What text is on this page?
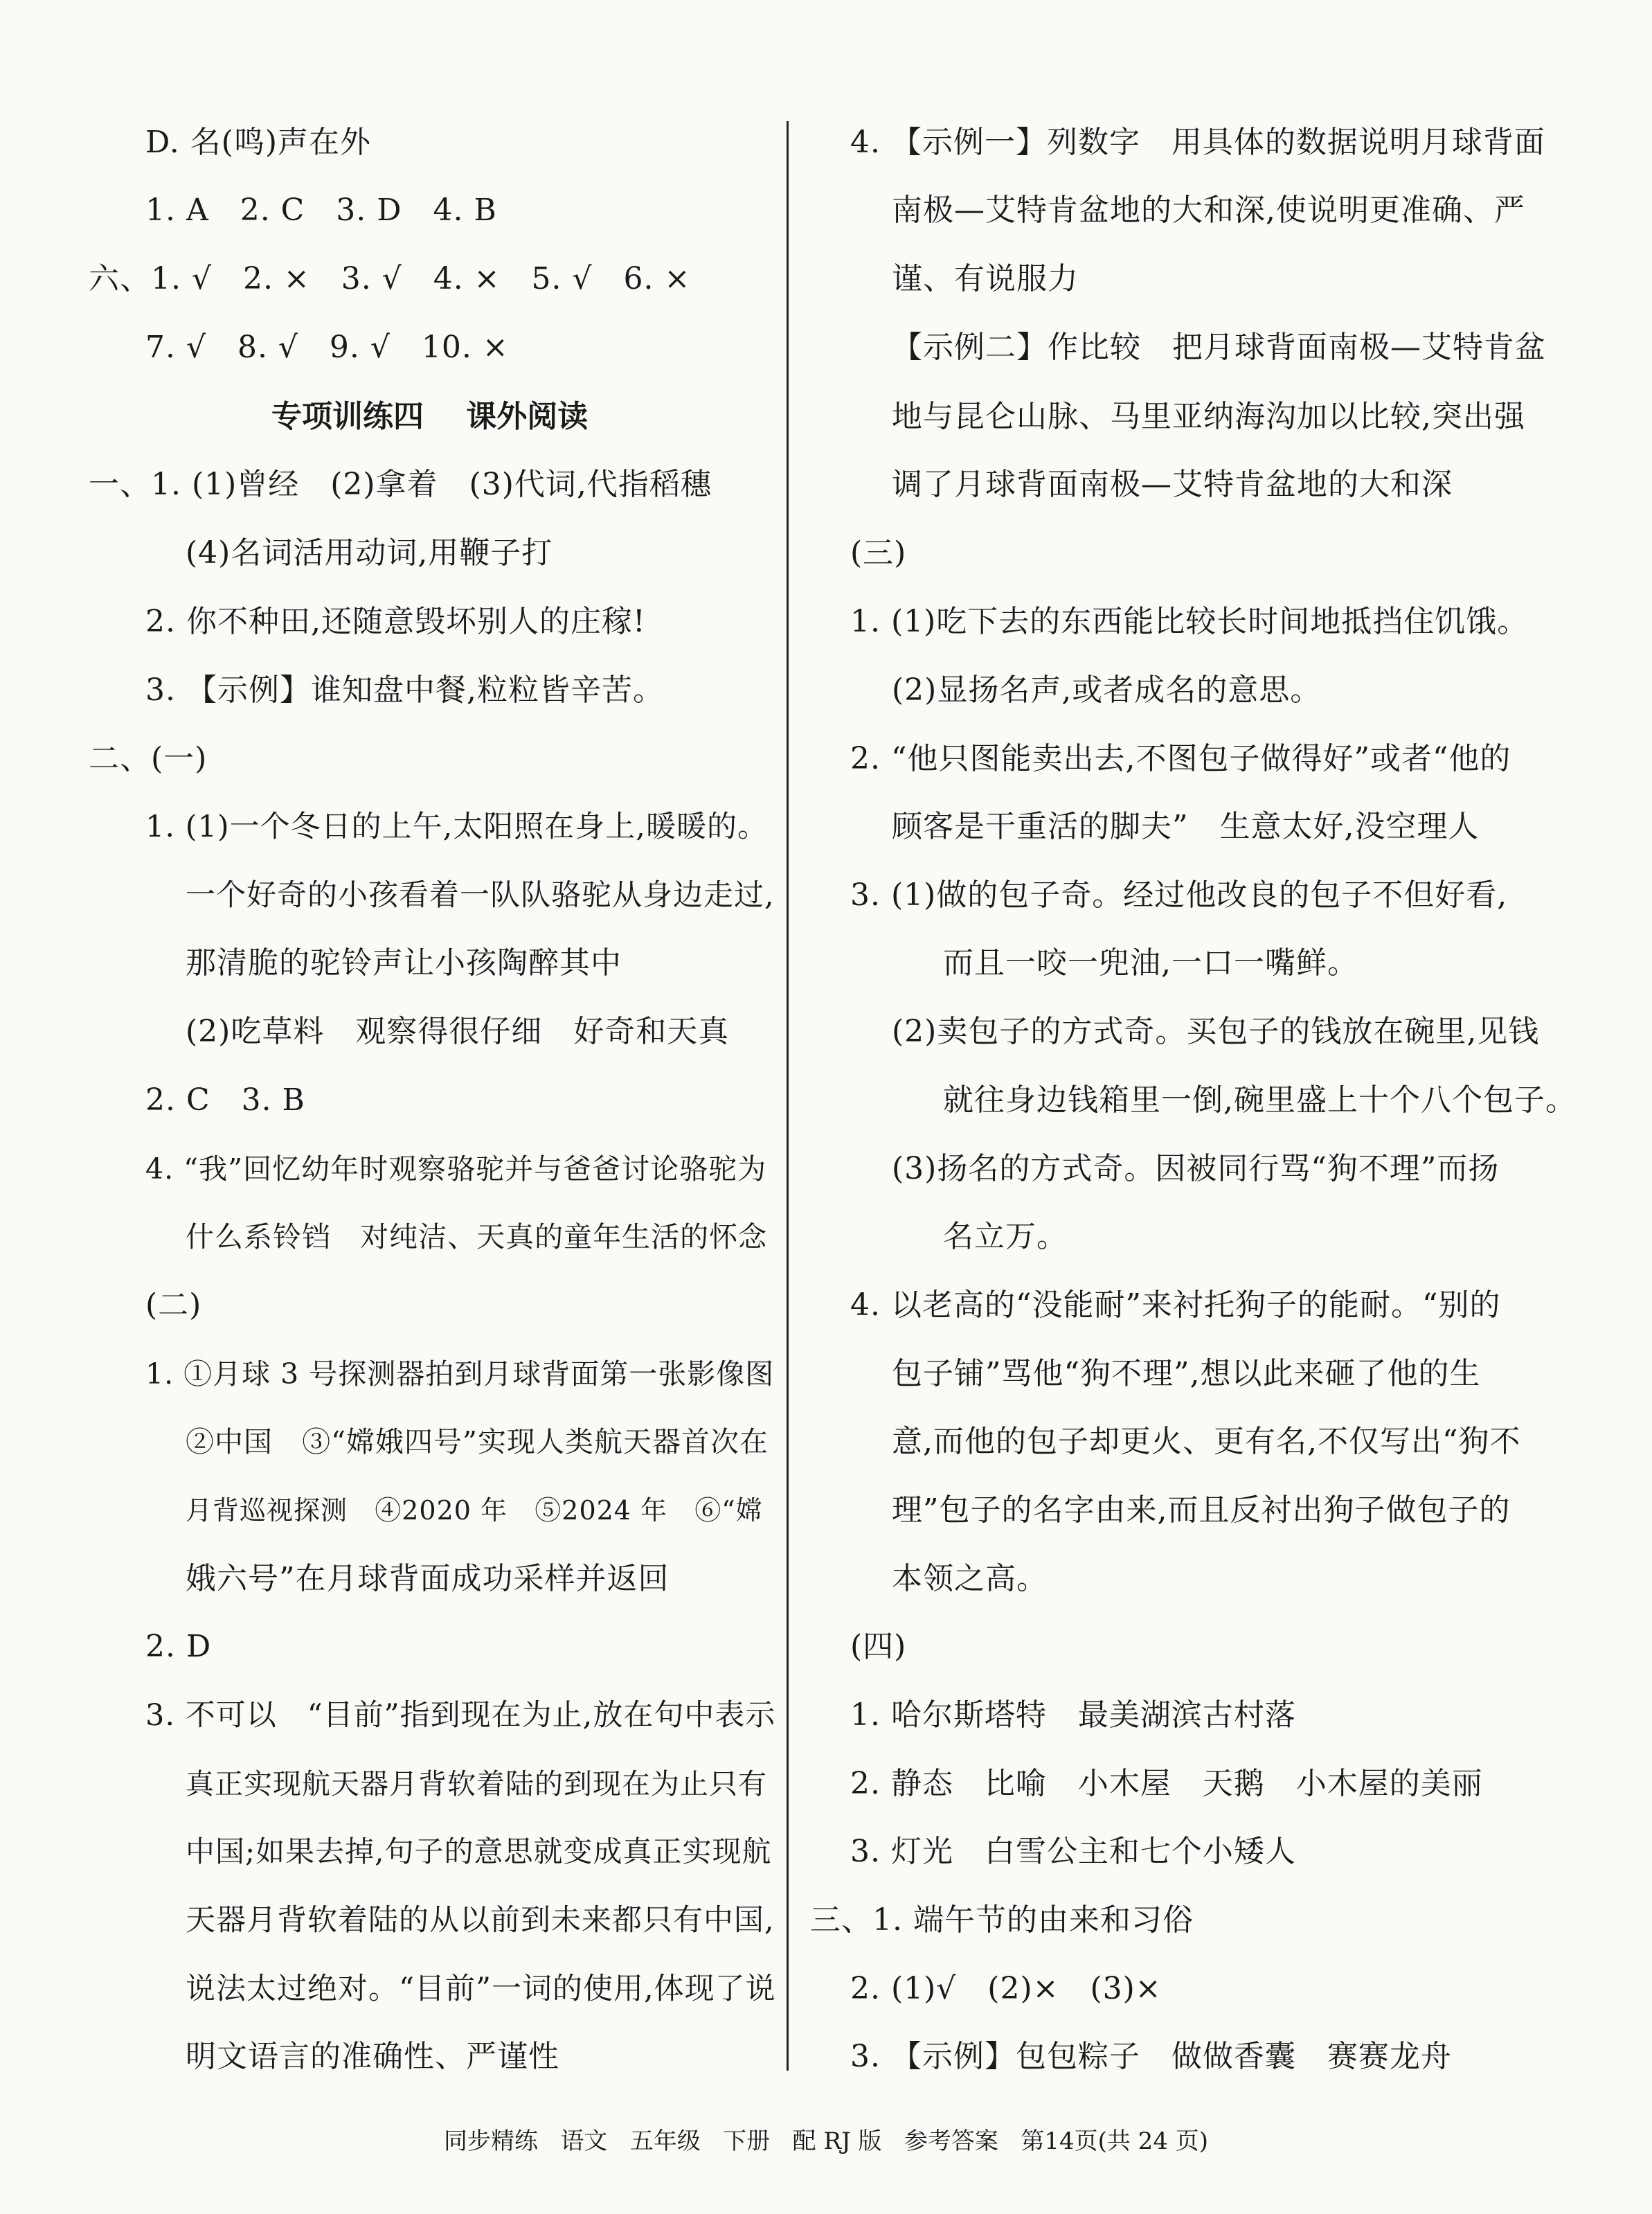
D. 名(鸣)声在外
1. A   2. C   3. D   4. B
六、1. √   2. ×   3. √   4. ×   5. √   6. ×
7. √   8. √   9. √   10. ×
专项训练四    课外阅读
一、1. (1)曾经   (2)拿着   (3)代词,代指稻穗
(4)名词活用动词,用鞭子打
2. 你不种田,还随意毁坏别人的庄稼!
3. 【示例】谁知盘中餐,粒粒皆辛苦。
二、(一)
1. (1)一个冬日的上午,太阳照在身上,暖暖的。
一个好奇的小孩看着一队队骆驼从身边走过,
那清脆的驼铃声让小孩陶醉其中
(2)吃草料   观察得很仔细   好奇和天真
2. C   3. B
4. “我”回忆幼年时观察骆驼并与爸爸讨论骆驼为
什么系铃铛   对纯洁、天真的童年生活的怀念
(二)
1. ①月球 3 号探测器拍到月球背面第一张影像图
②中国   ③“嫦娥四号”实现人类航天器首次在
月背巡视探测   ④2020 年   ⑤2024 年   ⑥“嫦
娥六号”在月球背面成功采样并返回
2. D
3. 不可以   “目前”指到现在为止,放在句中表示
真正实现航天器月背软着陆的到现在为止只有
中国;如果去掉,句子的意思就变成真正实现航
天器月背软着陆的从以前到未来都只有中国,
说法太过绝对。“目前”一词的使用,体现了说
明文语言的准确性、严谨性
4. 【示例一】列数字   用具体的数据说明月球背面
南极—艾特肯盆地的大和深,使说明更准确、严
谨、有说服力
【示例二】作比较   把月球背面南极—艾特肯盆
地与昆仑山脉、马里亚纳海沟加以比较,突出强
调了月球背面南极—艾特肯盆地的大和深
(三)
1. (1)吃下去的东西能比较长时间地抵挡住饥饿。
(2)显扬名声,或者成名的意思。
2. “他只图能卖出去,不图包子做得好”或者“他的
顾客是干重活的脚夫”   生意太好,没空理人
3. (1)做的包子奇。经过他改良的包子不但好看,
而且一咬一兜油,一口一嘴鲜。
(2)卖包子的方式奇。买包子的钱放在碗里,见钱
就往身边钱箱里一倒,碗里盛上十个八个包子。
(3)扬名的方式奇。因被同行骂“狗不理”而扬
名立万。
4. 以老高的“没能耐”来衬托狗子的能耐。“别的
包子铺”骂他“狗不理”,想以此来砸了他的生
意,而他的包子却更火、更有名,不仅写出“狗不
理”包子的名字由来,而且反衬出狗子做包子的
本领之高。
(四)
1. 哈尔斯塔特   最美湖滨古村落
2. 静态   比喻   小木屋   天鹅   小木屋的美丽
3. 灯光   白雪公主和七个小矮人
三、1. 端午节的由来和习俗
2. (1)√   (2)×   (3)×
3. 【示例】包包粽子   做做香囊   赛赛龙舟
同步精练   语文   五年级   下册   配 RJ 版   参考答案   第14页(共 24 页)
